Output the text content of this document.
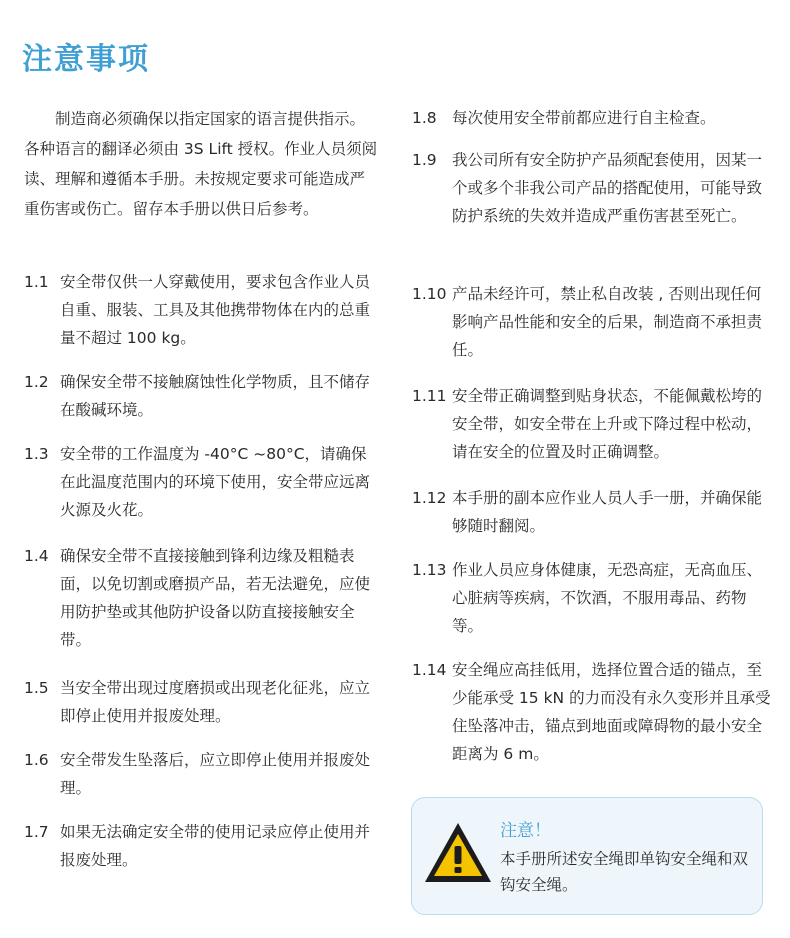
注意事项
制造商必须确保以指定国家的语言提供指示。各种语言的翻译必须由 3S Lift 授权。作业人员须阅读、理解和遵循本手册。未按规定要求可能造成严重伤害或伤亡。留存本手册以供日后参考。
1.1 安全带仅供一人穿戴使用，要求包含作业人员自重、服装、工具及其他携带物体在内的总重量不超过 100 kg。
1.2 确保安全带不接触腐蚀性化学物质，且不储存在酸碱环境。
1.3 安全带的工作温度为 -40°C ~80°C，请确保在此温度范围内的环境下使用，安全带应远离火源及火花。
1.4 确保安全带不直接接触到锋利边缘及粗糙表面，以免切割或磨损产品，若无法避免，应使用防护垫或其他防护设备以防直接接触安全带。
1.5 当安全带出现过度磨损或出现老化征兆，应立即停止使用并报废处理。
1.6 安全带发生坠落后，应立即停止使用并报废处理。
1.7 如果无法确定安全带的使用记录应停止使用并报废处理。
1.8 每次使用安全带前都应进行自主检查。
1.9 我公司所有安全防护产品须配套使用，因某一个或多个非我公司产品的搭配使用，可能导致防护系统的失效并造成严重伤害甚至死亡。
1.10 产品未经许可，禁止私自改装 , 否则出现任何影响产品性能和安全的后果，制造商不承担责任。
1.11 安全带正确调整到贴身状态，不能佩戴松垮的安全带，如安全带在上升或下降过程中松动，请在安全的位置及时正确调整。
1.12 本手册的副本应作业人员人手一册，并确保能够随时翻阅。
1.13 作业人员应身体健康，无恐高症，无高血压、心脏病等疾病，不饮酒，不服用毒品、药物等。
1.14 安全绳应高挂低用，选择位置合适的锚点，至少能承受 15 kN 的力而没有永久变形并且承受住坠落冲击，锚点到地面或障碍物的最小安全距离为 6 m。
注意！
本手册所述安全绳即单钩安全绳和双钩安全绳。
